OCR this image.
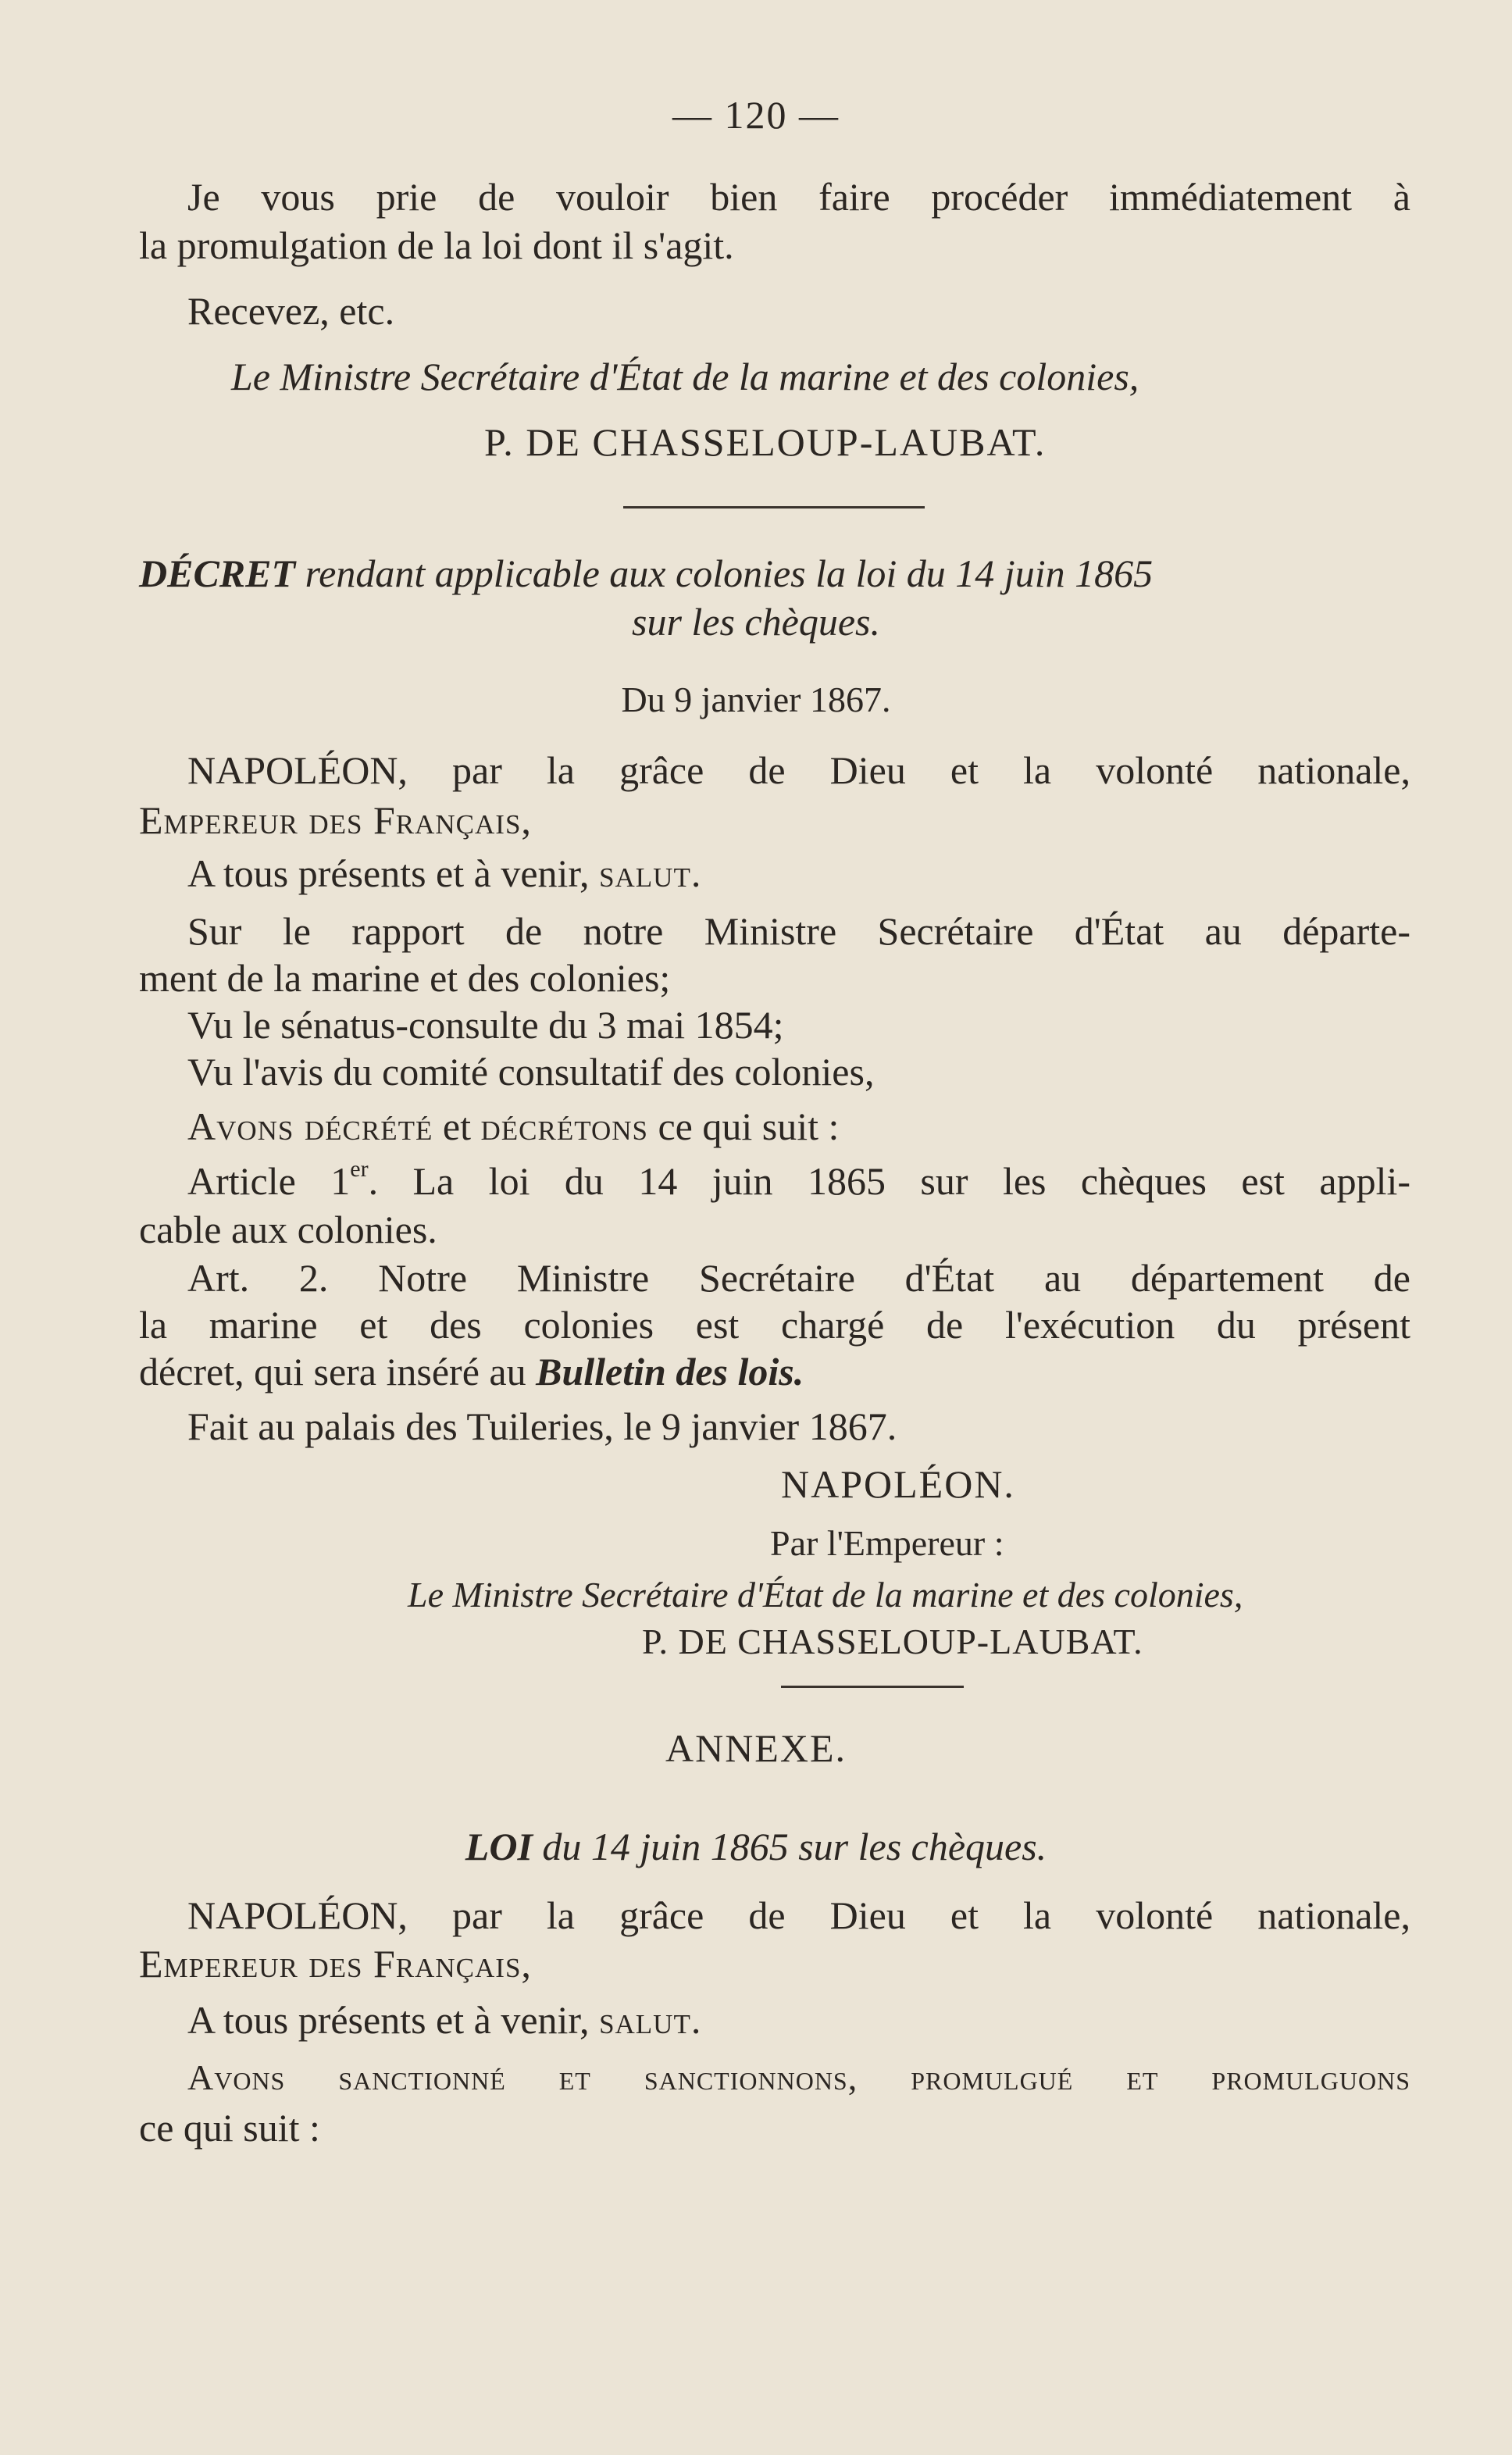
— 120 —
Je vous prie de vouloir bien faire procéder immédiatement à
la promulgation de la loi dont il s'agit.
Recevez, etc.
Le Ministre Secrétaire d'État de la marine et des colonies,
P. DE CHASSELOUP-LAUBAT.
DÉCRET rendant applicable aux colonies la loi du 14 juin 1865
sur les chèques.
Du 9 janvier 1867.
NAPOLÉON, par la grâce de Dieu et la volonté nationale,
Empereur des Français,
A tous présents et à venir, salut.
Sur le rapport de notre Ministre Secrétaire d'État au départe-
ment de la marine et des colonies;
Vu le sénatus-consulte du 3 mai 1854;
Vu l'avis du comité consultatif des colonies,
Avons décrété et décrétons ce qui suit :
Article 1er. La loi du 14 juin 1865 sur les chèques est appli-
cable aux colonies.
Art. 2. Notre Ministre Secrétaire d'État au département de
la marine et des colonies est chargé de l'exécution du présent
décret, qui sera inséré au Bulletin des lois.
Fait au palais des Tuileries, le 9 janvier 1867.
NAPOLÉON.
Par l'Empereur :
Le Ministre Secrétaire d'État de la marine et des colonies,
P. DE CHASSELOUP-LAUBAT.
ANNEXE.
LOI du 14 juin 1865 sur les chèques.
NAPOLÉON, par la grâce de Dieu et la volonté nationale,
Empereur des Français,
A tous présents et à venir, salut.
Avons sanctionné et sanctionnons, promulgué et promulguons
ce qui suit :
